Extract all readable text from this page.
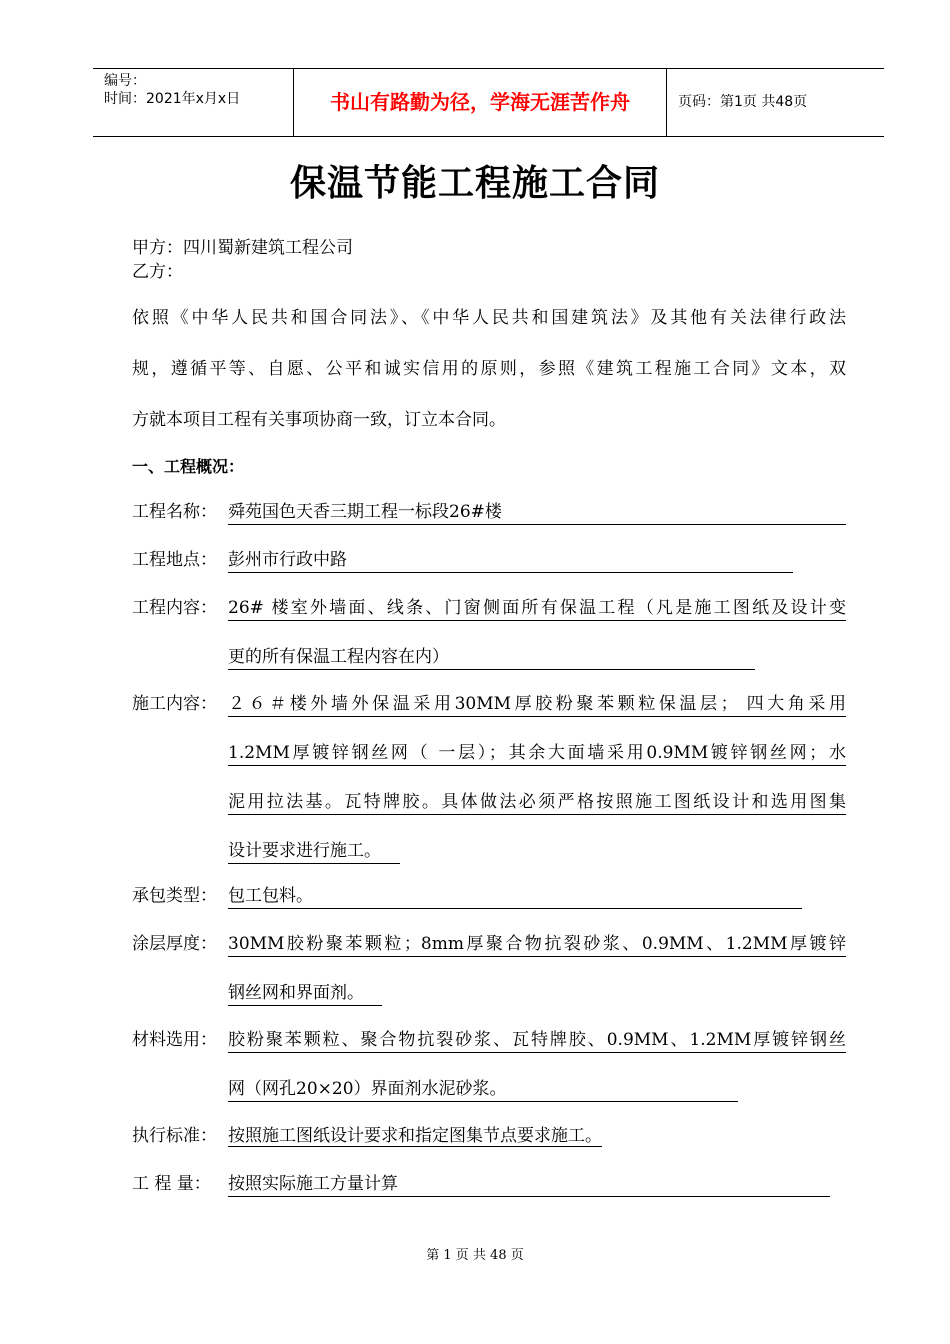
编号：
时间：2021年x月x日	书山有路勤为径，学海无涯苦作舟	页码：第1页 共48页
保温节能工程施工合同
甲方：四川蜀新建筑工程公司
乙方：
依照《中华人民共和国合同法》、《中华人民共和国建筑法》及其他有关法律行政法
规，遵循平等、自愿、公平和诚实信用的原则，参照《建筑工程施工合同》文本，双
方就本项目工程有关事项协商一致，订立本合同。
一、工程概况：
工程名称： 舜苑国色天香三期工程一标段26#楼
工程地点： 彭州市行政中路
工程内容： 26# 楼室外墙面、线条、门窗侧面所有保温工程（凡是施工图纸及设计变
更的所有保温工程内容在内）
施工内容： ２６＃楼外墙外保温采用30MM厚胶粉聚苯颗粒保温层； 四大角采用
1.2MM厚镀锌钢丝网（ 一层）；其余大面墙采用0.9MM镀锌钢丝网；水
泥用拉法基。瓦特牌胶。具体做法必须严格按照施工图纸设计和选用图集
设计要求进行施工。
承包类型： 包工包料。
涂层厚度： 30MM胶粉聚苯颗粒；8mm厚聚合物抗裂砂浆、0.9MM、1.2MM厚镀锌
钢丝网和界面剂。
材料选用： 胶粉聚苯颗粒、聚合物抗裂砂浆、瓦特牌胶、0.9MM、1.2MM厚镀锌钢丝
网（网孔20×20）界面剂水泥砂浆。
执行标准： 按照施工图纸设计要求和指定图集节点要求施工。
工 程 量： 按照实际施工方量计算
第 1 页 共 48 页
